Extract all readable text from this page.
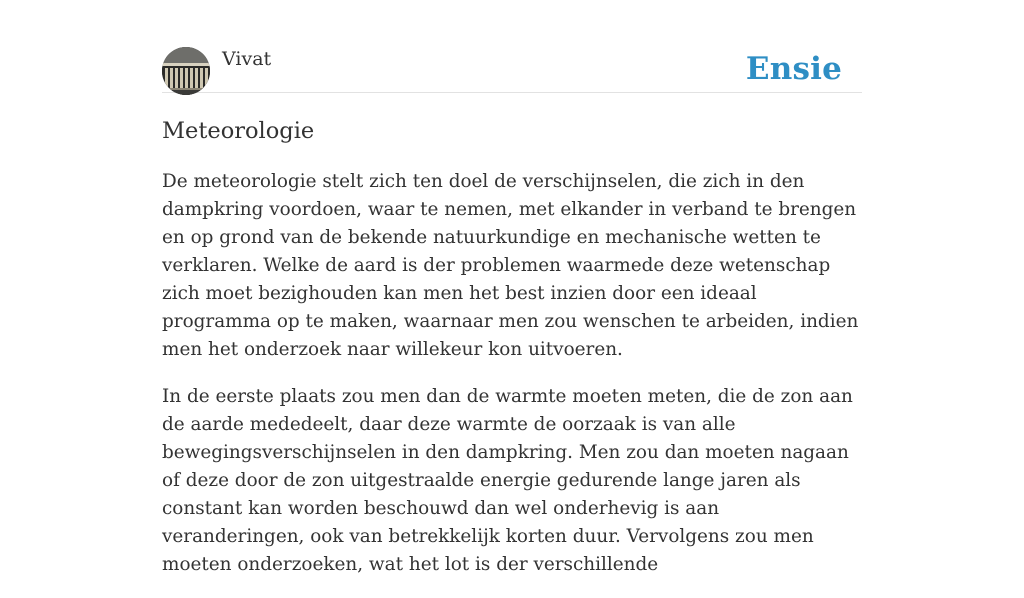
Vivat	Ensie
Meteorologie

De meteorologie stelt zich ten doel de verschijnselen, die zich in den dampkring voordoen, waar te nemen, met elkander in verband te brengen en op grond van de bekende natuurkundige en mechanische wetten te verklaren. Welke de aard is der problemen waarmede deze wetenschap zich moet bezighouden kan men het best inzien door een ideaal programma op te maken, waarnaar men zou wenschen te arbeiden, indien men het onderzoek naar willekeur kon uitvoeren.

In de eerste plaats zou men dan de warmte moeten meten, die de zon aan de aarde mededeelt, daar deze warmte de oorzaak is van alle bewegingsverschijnselen in den dampkring. Men zou dan moeten nagaan of deze door de zon uitgestraalde energie gedurende lange jaren als constant kan worden beschouwd dan wel onderhevig is aan veranderingen, ook van betrekkelijk korten duur. Vervolgens zou men moeten onderzoeken, wat het lot is der verschillende
